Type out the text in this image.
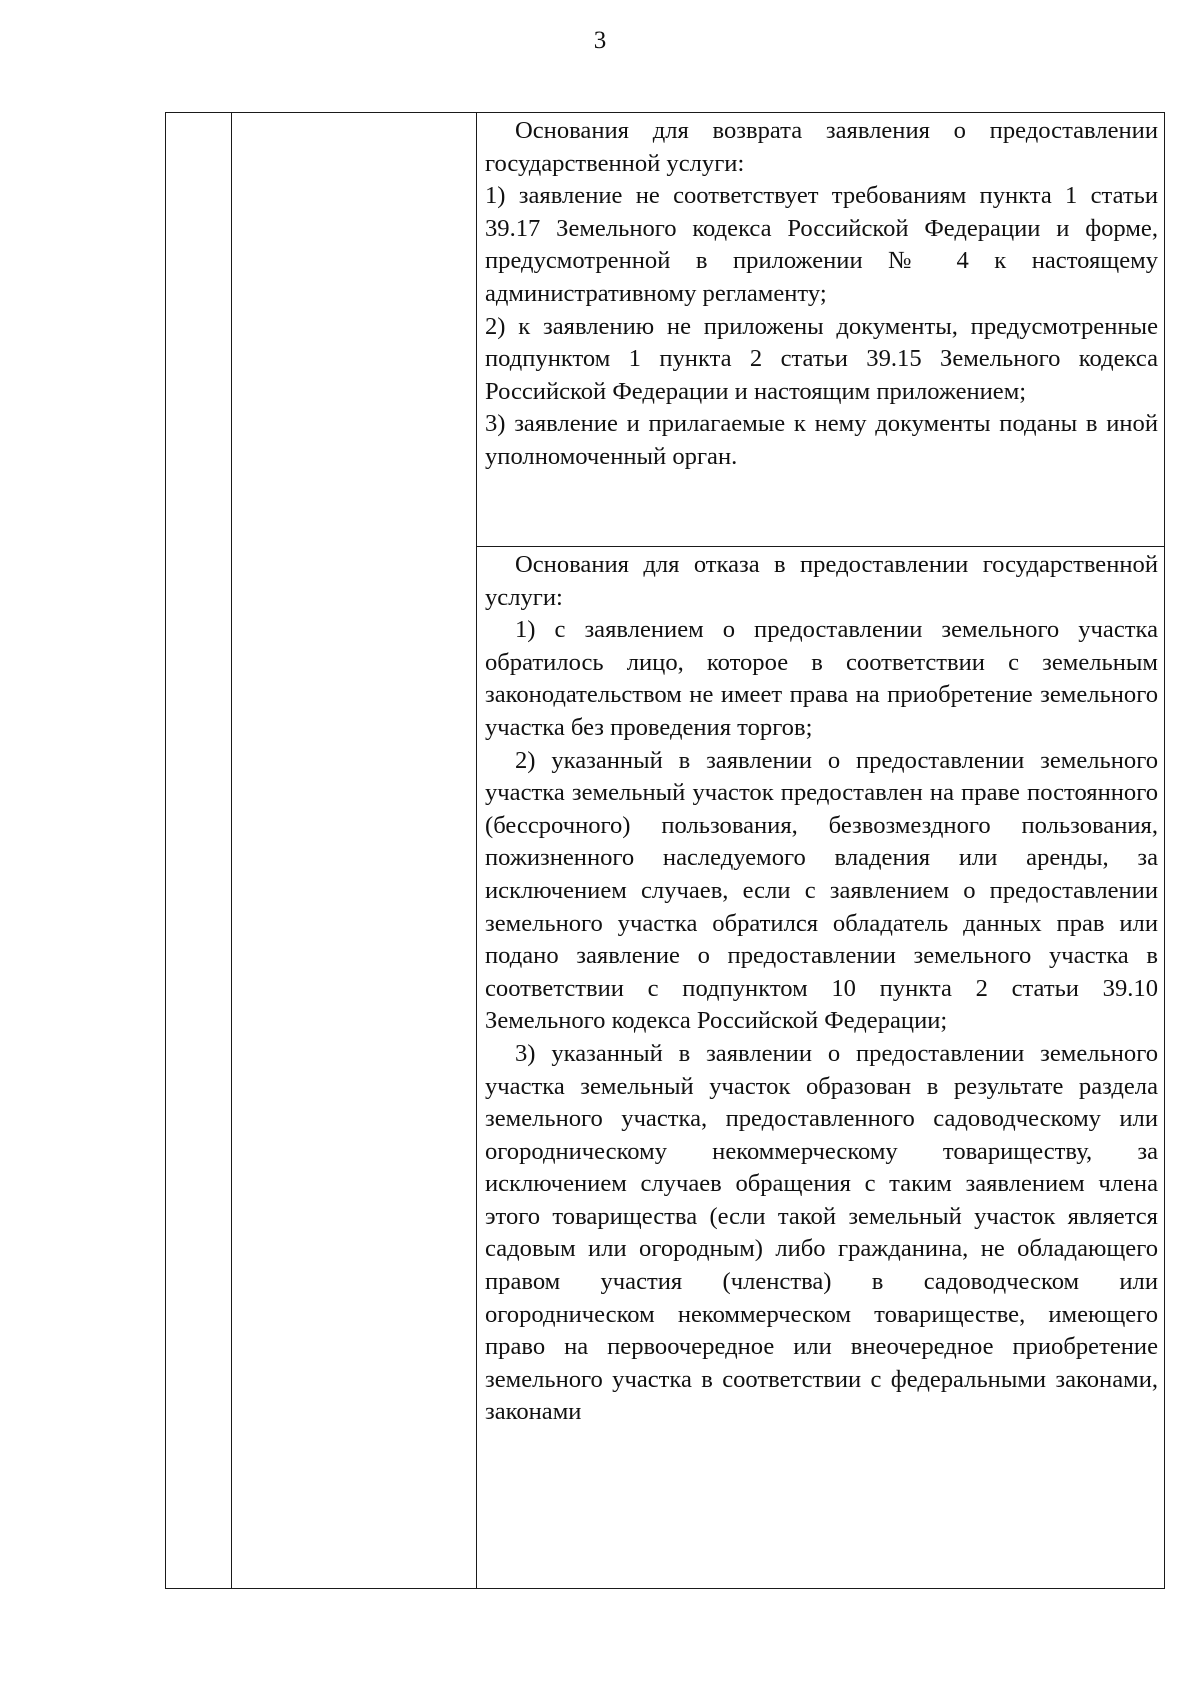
3

Основания для возврата заявления о предоставлении государственной услуги:

1) заявление не соответствует требованиям пункта 1 статьи 39.17 Земельного кодекса Российской Федерации и форме, предусмотренной в приложении № 4 к настоящему административному регламенту;

2) к заявлению не приложены документы, предусмотренные подпунктом 1 пункта 2 статьи 39.15 Земельного кодекса Российской Федерации и настоящим приложением;

3) заявление и прилагаемые к нему документы поданы в иной уполномоченный орган.

Основания для отказа в предоставлении государственной услуги:

1) с заявлением о предоставлении земельного участка обратилось лицо, которое в соответствии с земельным законодательством не имеет права на приобретение земельного участка без проведения торгов;

2) указанный в заявлении о предоставлении земельного участка земельный участок предоставлен на праве постоянного (бессрочного) пользования, безвозмездного пользования, пожизненного наследуемого владения или аренды, за исключением случаев, если с заявлением о предоставлении земельного участка обратился обладатель данных прав или подано заявление о предоставлении земельного участка в соответствии с подпунктом 10 пункта 2 статьи 39.10 Земельного кодекса Российской Федерации;

3) указанный в заявлении о предоставлении земельного участка земельный участок образован в результате раздела земельного участка, предоставленного садоводческому или огородническому некоммерческому товариществу, за исключением случаев обращения с таким заявлением члена этого товарищества (если такой земельный участок является садовым или огородным) либо гражданина, не обладающего правом участия (членства) в садоводческом или огородническом некоммерческом товариществе, имеющего право на первоочередное или внеочередное приобретение земельного участка в соответствии с федеральными законами, законами
